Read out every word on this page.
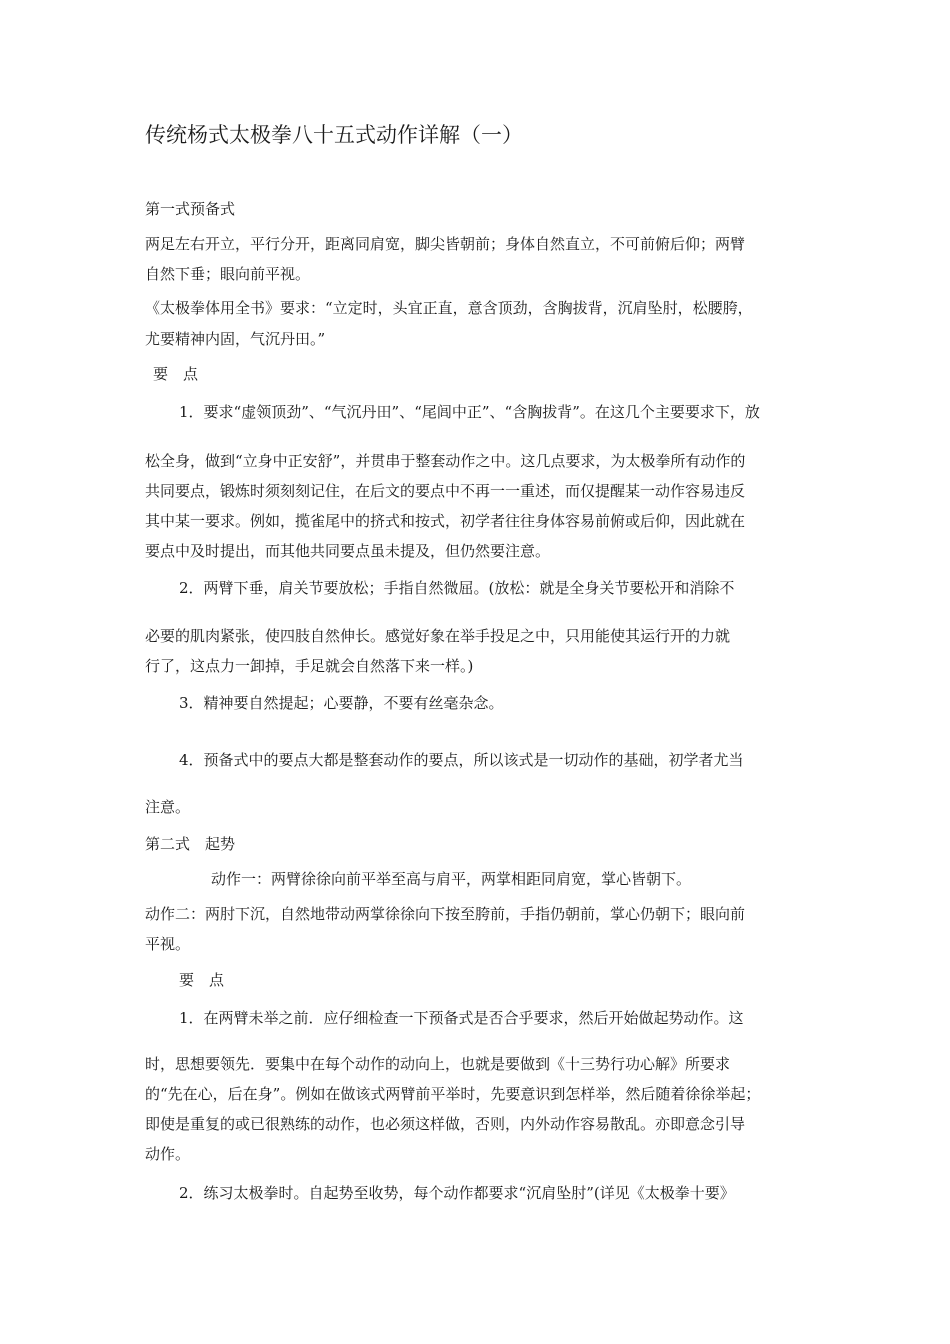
传统杨式太极拳八十五式动作详解（一）
第一式预备式
两足左右开立，平行分开，距离同肩宽，脚尖皆朝前；身体自然直立，不可前俯后仰；两臂
自然下垂；眼向前平视。
《太极拳体用全书》要求：“立定时，头宜正直，意含顶劲，含胸拔背，沉肩坠肘，松腰胯，
尤要精神内固，气沉丹田。”
要　点
1．要求“虚领顶劲”、“气沉丹田”、“尾闾中正”、“含胸拔背”。在这几个主要要求下，放
松全身，做到“立身中正安舒”，并贯串于整套动作之中。这几点要求，为太极拳所有动作的
共同要点，锻炼时须刻刻记住，在后文的要点中不再一一重述，而仅提醒某一动作容易违反
其中某一要求。例如，揽雀尾中的挤式和按式，初学者往往身体容易前俯或后仰，因此就在
要点中及时提出，而其他共同要点虽未提及，但仍然要注意。
2．两臂下垂，肩关节要放松；手指自然微屈。(放松：就是全身关节要松开和消除不
必要的肌肉紧张，使四肢自然伸长。感觉好象在举手投足之中，只用能使其运行开的力就
行了，这点力一卸掉，手足就会自然落下来一样。)
3．精神要自然提起；心要静，不要有丝毫杂念。
4．预备式中的要点大都是整套动作的要点，所以该式是一切动作的基础，初学者尤当
注意。
第二式　起势
动作一：两臂徐徐向前平举至高与肩平，两掌相距同肩宽，掌心皆朝下。
动作二：两肘下沉，自然地带动两掌徐徐向下按至胯前，手指仍朝前，掌心仍朝下；眼向前
平视。
要　点
1．在两臂未举之前．应仔细检查一下预备式是否合乎要求，然后开始做起势动作。这
时，思想要领先．要集中在每个动作的动向上，也就是要做到《十三势行功心解》所要求
的“先在心，后在身”。例如在做该式两臂前平举时，先要意识到怎样举，然后随着徐徐举起；
即使是重复的或已很熟练的动作，也必须这样做，否则，内外动作容易散乱。亦即意念引导
动作。
2．练习太极拳时。自起势至收势，每个动作都要求“沉肩坠肘”(详见《太极拳十要》
